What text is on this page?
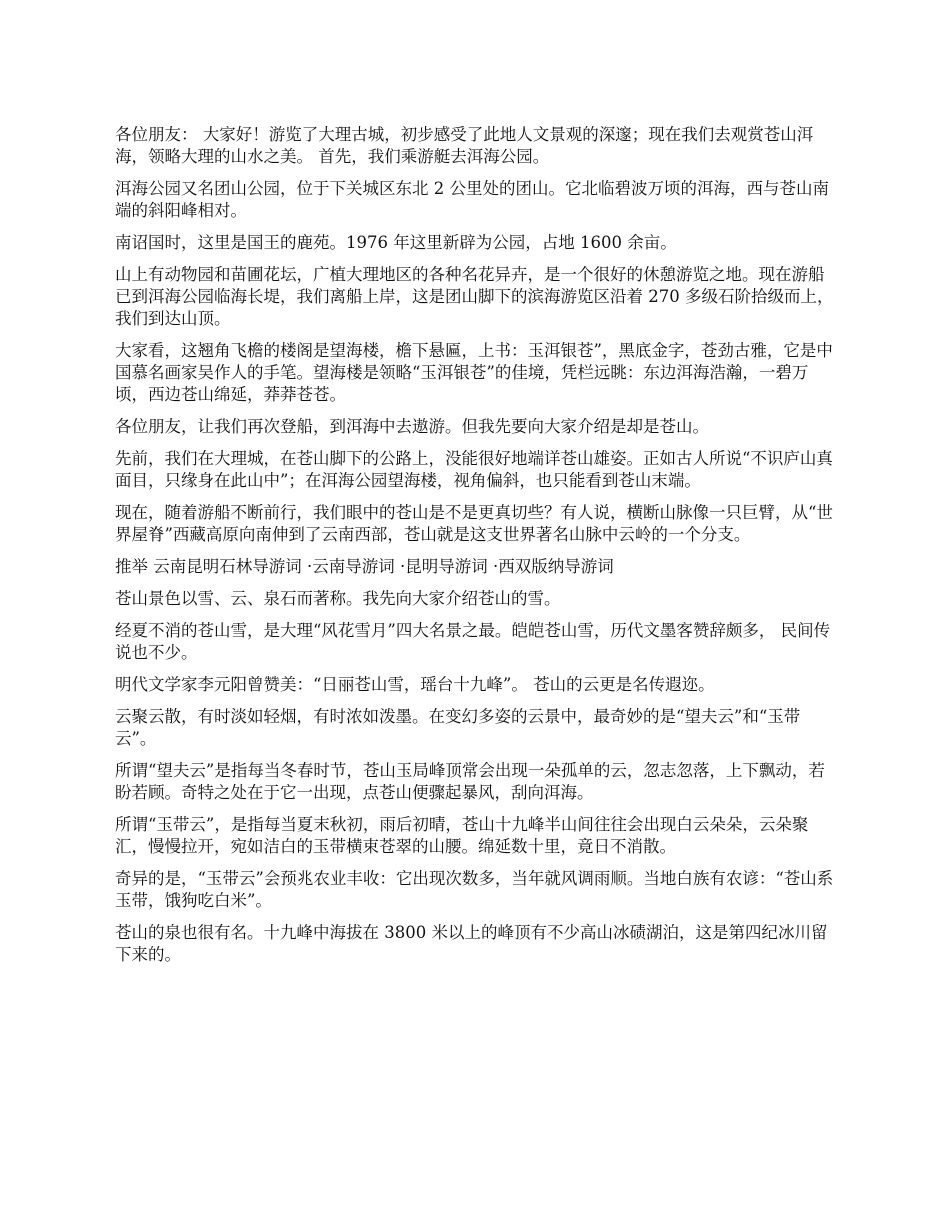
各位朋友： 大家好！游览了大理古城，初步感受了此地人文景观的深邃；现在我们去观赏苍山洱海，领略大理的山水之美。 首先，我们乘游艇去洱海公园。

洱海公园又名团山公园，位于下关城区东北 2 公里处的团山。它北临碧波万顷的洱海，西与苍山南端的斜阳峰相对。

南诏国时，这里是国王的鹿苑。1976 年这里新辟为公园，占地 1600 余亩。

山上有动物园和苗圃花坛，广植大理地区的各种名花异卉，是一个很好的休憩游览之地。现在游船已到洱海公园临海长堤，我们离船上岸，这是团山脚下的滨海游览区沿着 270 多级石阶拾级而上，我们到达山顶。

大家看，这翘角飞檐的楼阁是望海楼，檐下悬匾，上书：玉洱银苍”，黑底金字，苍劲古雅，它是中国慕名画家吴作人的手笔。望海楼是领略“玉洱银苍”的佳境，凭栏远眺：东边洱海浩瀚，一碧万顷，西边苍山绵延，莽莽苍苍。

各位朋友，让我们再次登船，到洱海中去遨游。但我先要向大家介绍是却是苍山。

先前，我们在大理城，在苍山脚下的公路上，没能很好地端详苍山雄姿。正如古人所说“不识庐山真面目，只缘身在此山中”；在洱海公园望海楼，视角偏斜，也只能看到苍山末端。

现在，随着游船不断前行，我们眼中的苍山是不是更真切些？有人说，横断山脉像一只巨臂，从“世界屋脊”西藏高原向南伸到了云南西部，苍山就是这支世界著名山脉中云岭的一个分支。

推举 云南昆明石林导游词 ·云南导游词 ·昆明导游词 ·西双版纳导游词

苍山景色以雪、云、泉石而著称。我先向大家介绍苍山的雪。

经夏不消的苍山雪，是大理“风花雪月”四大名景之最。皑皑苍山雪，历代文墨客赞辞颇多， 民间传说也不少。

明代文学家李元阳曾赞美：“日丽苍山雪，瑶台十九峰”。 苍山的云更是名传遐迩。

云聚云散，有时淡如轻烟，有时浓如泼墨。在变幻多姿的云景中，最奇妙的是“望夫云”和“玉带云”。

所谓“望夫云”是指每当冬春时节，苍山玉局峰顶常会出现一朵孤单的云，忽志忽落，上下飘动，若盼若顾。奇特之处在于它一出现，点苍山便骤起暴风，刮向洱海。

所谓“玉带云”，是指每当夏末秋初，雨后初晴，苍山十九峰半山间往往会出现白云朵朵，云朵聚汇，慢慢拉开，宛如洁白的玉带横束苍翠的山腰。绵延数十里，竟日不消散。

奇异的是，“玉带云”会预兆农业丰收：它出现次数多，当年就风调雨顺。当地白族有农谚：“苍山系玉带，饿狗吃白米”。

苍山的泉也很有名。十九峰中海拔在 3800 米以上的峰顶有不少高山冰碛湖泊，这是第四纪冰川留下来的。
